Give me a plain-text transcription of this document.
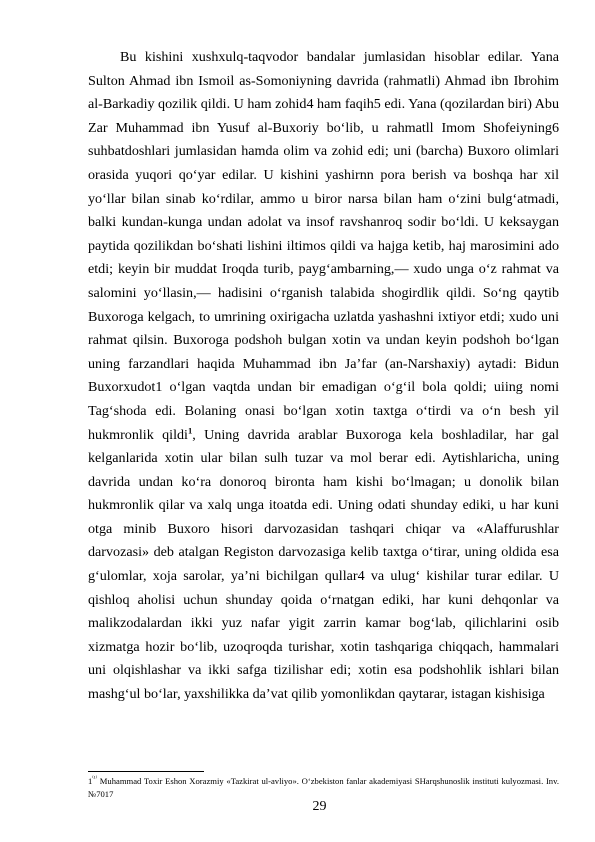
Bu kishini xushxulq-taqvodor bandalar jumlasidan hisoblar edilar. Yana Sulton Ahmad ibn Ismoil as-Somoniyning davrida (rahmatli) Ahmad ibn Ibrohim al-Barkadiy qozilik qildi. U ham zohid4 ham faqih5 edi. Yana (qozilardan biri) Abu Zar Muhammad ibn Yusuf al-Buxoriy bo‘lib, u rahmatll Imom Shofeiyning6 suhbatdoshlari jumlasidan hamda olim va zohid edi; uni (barcha) Buxoro olimlari orasida yuqori qo‘yar edilar. U kishini yashirnn pora berish va boshqa har xil yo‘llar bilan sinab ko‘rdilar, ammo u biror narsa bilan ham o‘zini bulg‘atmadi, balki kundan-kunga undan adolat va insof ravshanroq sodir bo‘ldi. U keksaygan paytida qozilikdan bo‘shati lishini iltimos qildi va hajga ketib, haj marosimini ado etdi; keyin bir muddat Iroqda turib, payg‘ambarning,— xudo unga o‘z rahmat va salomini yo‘llasin,— hadisini o‘rganish talabida shogirdlik qildi. So‘ng qaytib Buxoroga kelgach, to umrining oxirigacha uzlatda yashashni ixtiyor etdi; xudo uni rahmat qilsin. Buxoroga podshoh bulgan xotin va undan keyin podshoh bo‘lgan uning farzandlari haqida Muhammad ibn Ja’far (an-Narshaxiy) aytadi: Bidun Buxorxudot1 o‘lgan vaqtda undan bir emadigan o‘g‘il bola qoldi; uiing nomi Tag‘shoda edi. Bolaning onasi bo‘lgan xotin taxtga o‘tirdi va o‘n besh yil hukmronlik qildi$^1$, Uning davrida arablar Buxoroga kela boshladilar, har gal kelganlarida xotin ular bilan sulh tuzar va mol berar edi. Aytishlaricha, uning davrida undan ko‘ra donoroq bironta ham kishi bo‘lmagan; u donolik bilan hukmronlik qilar va xalq unga itoatda edi. Uning odati shunday ediki, u har kuni otga minib Buxoro hisori darvozasidan tashqari chiqar va «Alaffurushlar darvozasi» deb atalgan Registon darvozasiga kelib taxtga o‘tirar, uning oldida esa g‘ulomlar, xoja sarolar, ya’ni bichilgan qullar4 va ulug‘ kishilar turar edilar. U qishloq aholisi uchun shunday qoida o‘rnatgan ediki, har kuni dehqonlar va malikzodalardan ikki yuz nafar yigit zarrin kamar bog‘lab, qilichlarini osib xizmatga hozir bo‘lib, uzoqroqda turishar, xotin tashqariga chiqqach, hammalari uni olqishlashar va ikki safga tizilishar edi; xotin esa podshohlik ishlari bilan mashg‘ul bo‘lar, yaxshilikka da’vat qilib yomonlikdan qaytarar, istagan kishisiga

1$^{^{(1)}}$ Muhammad Toxir Eshon Xorazmiy «Tazkirat ul-avliyo». O‘zbekiston fanlar akademiyasi SHarqshunoslik instituti kulyozmasi. Inv. №7017

29
